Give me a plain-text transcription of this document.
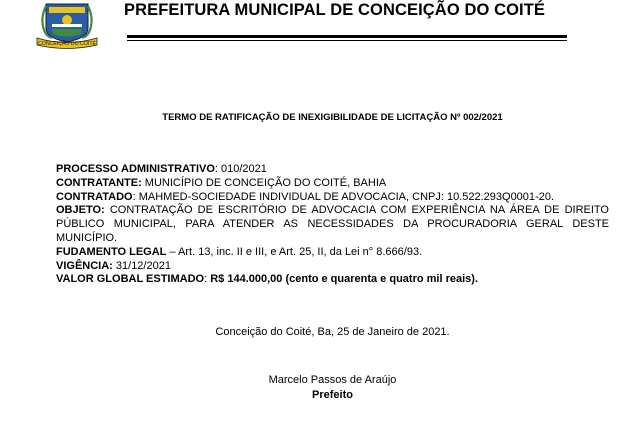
CONCEIÇÃO DO COITÉ
PREFEITURA MUNICIPAL DE CONCEIÇÃO DO COITÉ
TERMO DE RATIFICAÇÃO DE INEXIGIBILIDADE DE LICITAÇÃO Nº 002/2021
PROCESSO ADMINISTRATIVO: 010/2021
CONTRATANTE: MUNICÍPIO DE CONCEIÇÃO DO COITÉ, BAHIA
CONTRATADO: MAHMED-SOCIEDADE INDIVIDUAL DE ADVOCACIA, CNPJ: 10.522.293Q0001-20.
OBJETO: CONTRATAÇÃO DE ESCRITÓRIO DE ADVOCACIA COM EXPERIÊNCIA NA ÁREA DE DIREITO PÚBLICO MUNICIPAL, PARA ATENDER AS NECESSIDADES DA PROCURADORIA GERAL DESTE MUNICÍPIO.
FUDAMENTO LEGAL – Art. 13, inc. II e III, e Art. 25, II, da Lei n° 8.666/93.
VIGÊNCIA: 31/12/2021
VALOR GLOBAL ESTIMADO: R$ 144.000,00 (cento e quarenta e quatro mil reais).
Conceição do Coité, Ba, 25 de Janeiro de 2021.
Marcelo Passos de Araújo
Prefeito
